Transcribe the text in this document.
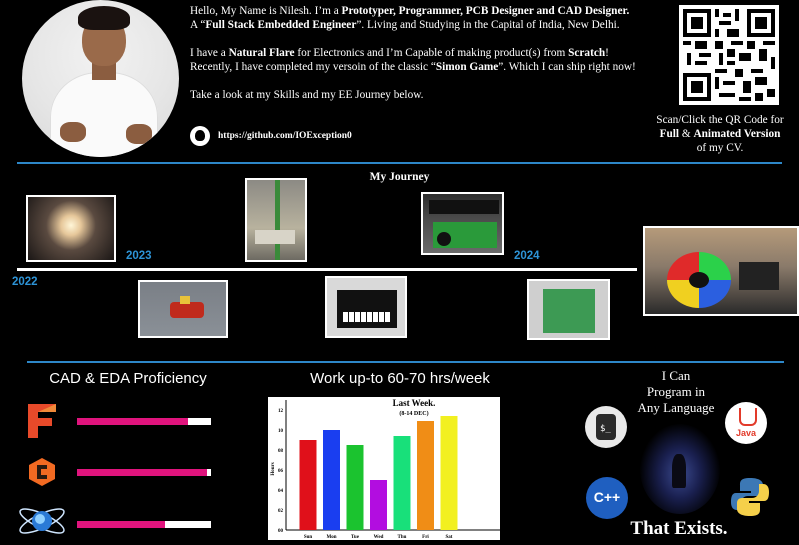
Hello, My Name is Nilesh. I’m a Prototyper, Programmer, PCB Designer and CAD Designer.
A “Full Stack Embedded Engineer”. Living and Studying in the Capital of India, New Delhi.

I have a Natural Flare for Electronics and I’m Capable of making product(s) from Scratch! Recently, I have completed my versoin of the classic “Simon Game”. Which I can ship right now!

Take a look at my Skills and my EE Journey below.

https://github.com/IOException0
Scan/Click the QR Code for
Full & Animated Version
of my CV.
My Journey
2022
2023	2024
CAD & EDA Proficiency	Work up-to 60-70 hrs/week
Last Week.
(8-14 DEC)
Hours
00
02
04
06
08
10
12
Sun	Mon	Tue	Wed	Thu	Fri	Sat
I Can
Program in
Any Language
$_	Java
C++
That Exists.
